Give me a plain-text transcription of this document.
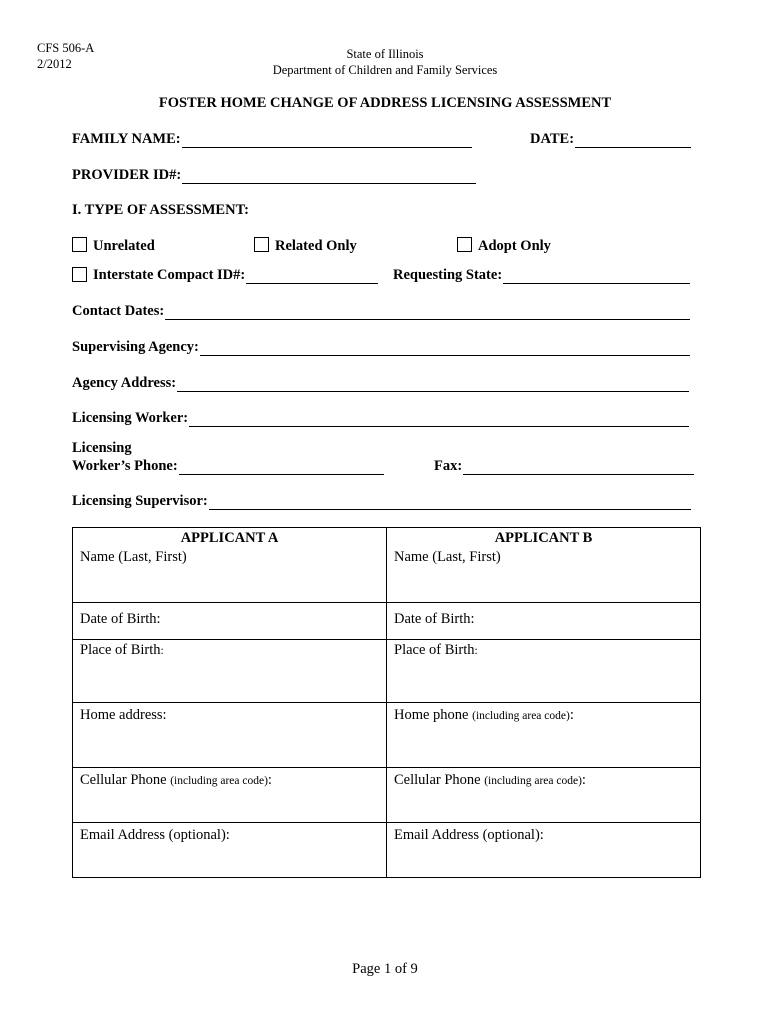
CFS 506-A
2/2012
State of Illinois
Department of Children and Family Services
FOSTER HOME CHANGE OF ADDRESS LICENSING ASSESSMENT
FAMILY NAME:	DATE:
PROVIDER ID#:
I. TYPE OF ASSESSMENT:
Unrelated	Related Only	Adopt Only
Interstate Compact ID#:	Requesting State:
Contact Dates:
Supervising Agency:
Agency Address:
Licensing Worker:
Licensing
Worker’s Phone:	Fax:
Licensing Supervisor:
APPLICANT A	APPLICANT B

Name (Last, First)	Name (Last, First)
Date of Birth:	Date of Birth:
Place of Birth:	Place of Birth:
Home address:	Home phone (including area code):
Cellular Phone (including area code):	Cellular Phone (including area code):
Email Address (optional):	Email Address (optional):
Page 1 of 9
